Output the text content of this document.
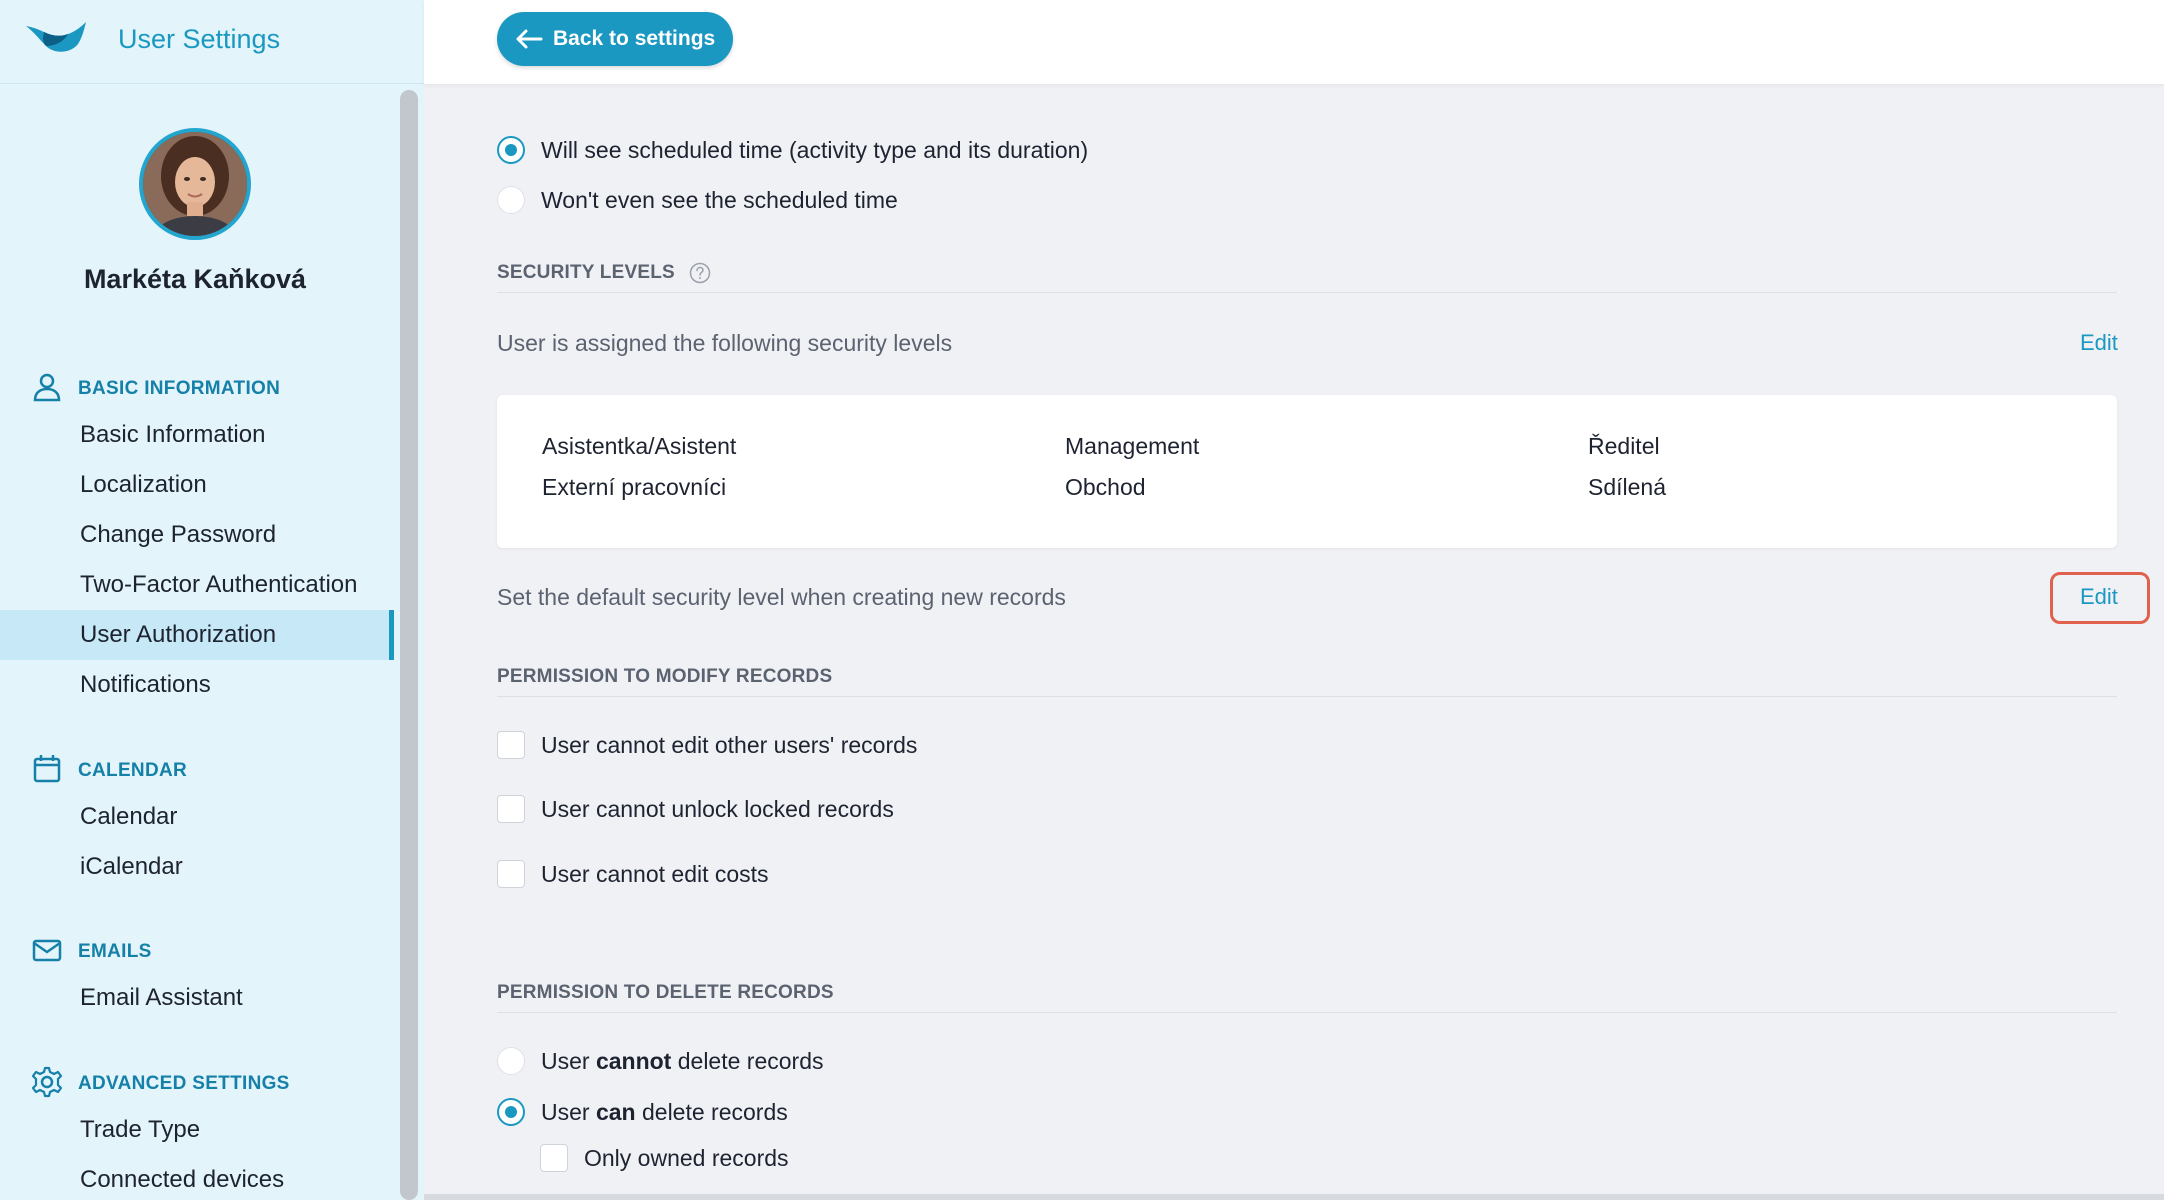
User Settings
Markéta Kaňková
BASIC INFORMATION
Basic Information
Localization
Change Password
Two-Factor Authentication
User Authorization
Notifications
CALENDAR
Calendar
iCalendar
EMAILS
Email Assistant
ADVANCED SETTINGS
Trade Type
Connected devices
Back to settings
Will see scheduled time (activity type and its duration)
Won't even see the scheduled time
SECURITY LEVELS
User is assigned the following security levels	Edit
Asistentka/Asistent	Management	Ředitel
Externí pracovníci	Obchod	Sdílená
Set the default security level when creating new records	Edit
PERMISSION TO MODIFY RECORDS
User cannot edit other users' records
User cannot unlock locked records
User cannot edit costs
PERMISSION TO DELETE RECORDS
User cannot delete records
User can delete records
Only owned records
